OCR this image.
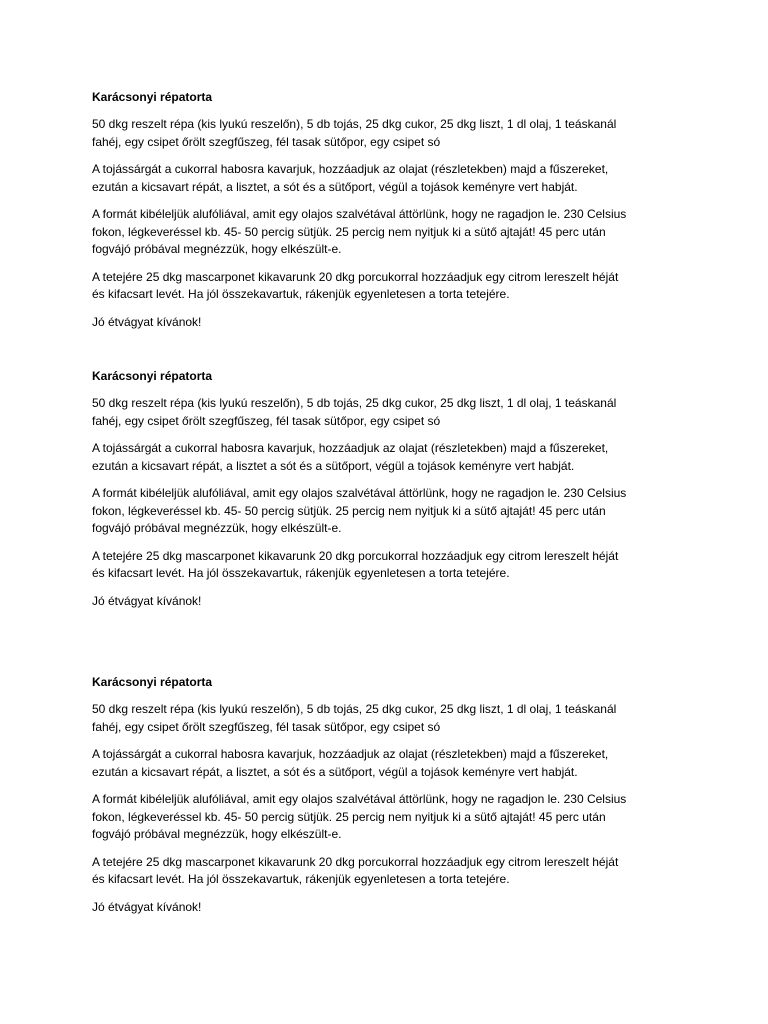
Karácsonyi répatorta
50 dkg reszelt répa (kis lyukú reszelőn), 5 db tojás, 25 dkg cukor, 25 dkg liszt, 1 dl olaj, 1 teáskanál
fahéj, egy csipet őrölt szegfűszeg, fél tasak sütőpor, egy csipet só
A tojássárgát a cukorral habosra kavarjuk, hozzáadjuk az olajat (részletekben) majd a fűszereket,
ezután a kicsavart répát, a lisztet, a sót és a sütőport, végül a tojások keményre vert habját.
A formát kibéleljük alufóliával, amit egy olajos szalvétával áttörlünk, hogy ne ragadjon le. 230 Celsius
fokon, légkeveréssel kb. 45- 50 percig sütjük. 25 percig nem nyitjuk ki a sütő ajtaját! 45 perc után
fogvájó próbával megnézzük, hogy elkészült-e.
A tetejére 25 dkg mascarponet kikavarunk 20 dkg porcukorral hozzáadjuk egy citrom lereszelt héját
és kifacsart levét. Ha jól összekavartuk, rákenjük egyenletesen a torta tetejére.
Jó étvágyat kívánok!
Karácsonyi répatorta
50 dkg reszelt répa (kis lyukú reszelőn), 5 db tojás, 25 dkg cukor, 25 dkg liszt, 1 dl olaj, 1 teáskanál
fahéj, egy csipet őrölt szegfűszeg, fél tasak sütőpor, egy csipet só
A tojássárgát a cukorral habosra kavarjuk, hozzáadjuk az olajat (részletekben) majd a fűszereket,
ezután a kicsavart répát, a lisztet a sót és a sütőport, végül a tojások keményre vert habját.
A formát kibéleljük alufóliával, amit egy olajos szalvétával áttörlünk, hogy ne ragadjon le. 230 Celsius
fokon, légkeveréssel kb. 45- 50 percig sütjük. 25 percig nem nyitjuk ki a sütő ajtaját! 45 perc után
fogvájó próbával megnézzük, hogy elkészült-e.
A tetejére 25 dkg mascarponet kikavarunk 20 dkg porcukorral hozzáadjuk egy citrom lereszelt héját
és kifacsart levét. Ha jól összekavartuk, rákenjük egyenletesen a torta tetejére.
Jó étvágyat kívánok!
Karácsonyi répatorta
50 dkg reszelt répa (kis lyukú reszelőn), 5 db tojás, 25 dkg cukor, 25 dkg liszt, 1 dl olaj, 1 teáskanál
fahéj, egy csipet őrölt szegfűszeg, fél tasak sütőpor, egy csipet só
A tojássárgát a cukorral habosra kavarjuk, hozzáadjuk az olajat (részletekben) majd a fűszereket,
ezután a kicsavart répát, a lisztet, a sót és a sütőport, végül a tojások keményre vert habját.
A formát kibéleljük alufóliával, amit egy olajos szalvétával áttörlünk, hogy ne ragadjon le. 230 Celsius
fokon, légkeveréssel kb. 45- 50 percig sütjük. 25 percig nem nyitjuk ki a sütő ajtaját! 45 perc után
fogvájó próbával megnézzük, hogy elkészült-e.
A tetejére 25 dkg mascarponet kikavarunk 20 dkg porcukorral hozzáadjuk egy citrom lereszelt héját
és kifacsart levét. Ha jól összekavartuk, rákenjük egyenletesen a torta tetejére.
Jó étvágyat kívánok!
